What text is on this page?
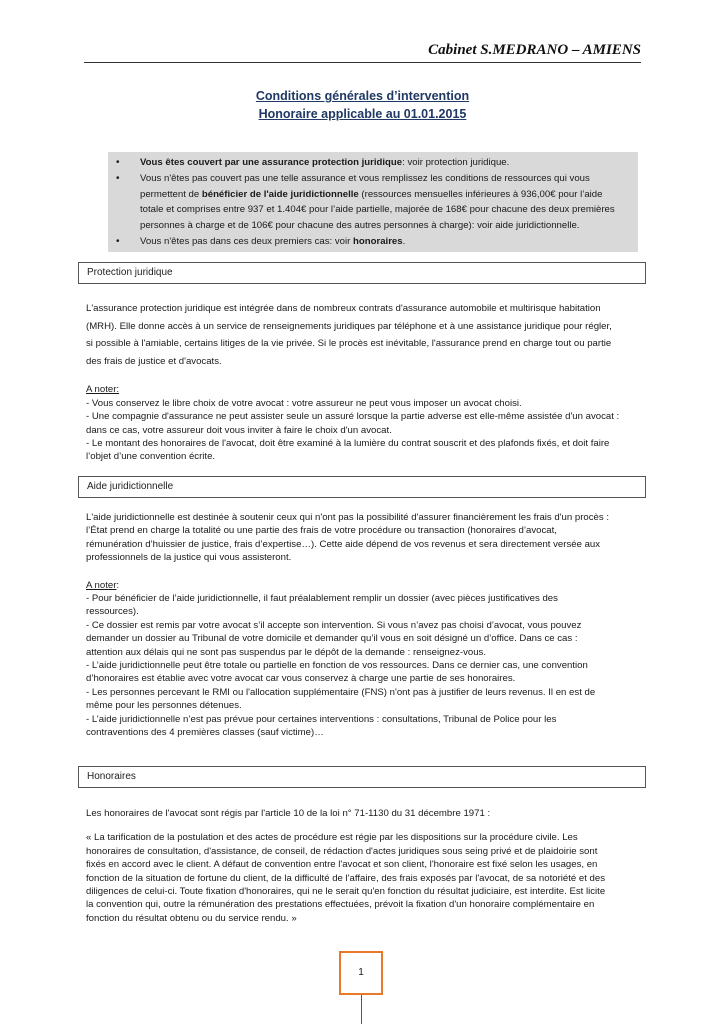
Cabinet S.MEDRANO – AMIENS
Conditions générales d’intervention
Honoraire applicable au 01.01.2015
• Vous êtes couvert par une assurance protection juridique: voir protection juridique.
• Vous n'êtes pas couvert pas une telle assurance et vous remplissez les conditions de ressources qui vous
permettent de bénéficier de l'aide juridictionnelle (ressources mensuelles inférieures à 936,00€ pour l’aide
totale et comprises entre 937 et 1.404€ pour l’aide partielle, majorée de 168€ pour chacune des deux premières
personnes à charge et de 106€ pour chacune des autres personnes à charge): voir aide juridictionnelle.
• Vous n'êtes pas dans ces deux premiers cas: voir honoraires.
Protection juridique
L'assurance protection juridique est intégrée dans de nombreux contrats d'assurance automobile et multirisque habitation
(MRH). Elle donne accès à un service de renseignements juridiques par téléphone et à une assistance juridique pour régler,
si possible à l'amiable, certains litiges de la vie privée. Si le procès est inévitable, l'assurance prend en charge tout ou partie
des frais de justice et d'avocats.
A noter:
- Vous conservez le libre choix de votre avocat : votre assureur ne peut vous imposer un avocat choisi.
- Une compagnie d'assurance ne peut assister seule un assuré lorsque la partie adverse est elle-même assistée d'un avocat :
dans ce cas, votre assureur doit vous inviter à faire le choix d'un avocat.
- Le montant des honoraires de l'avocat, doit être examiné à la lumière du contrat souscrit et des plafonds fixés, et doit faire
l’objet d’une convention écrite.
Aide juridictionnelle
L'aide juridictionnelle est destinée à soutenir ceux qui n'ont pas la possibilité d'assurer financièrement les frais d'un procès :
l’État prend en charge la totalité ou une partie des frais de votre procédure ou transaction (honoraires d’avocat,
rémunération d’huissier de justice, frais d’expertise…). Cette aide dépend de vos revenus et sera directement versée aux
professionnels de la justice qui vous assisteront.
A noter:
- Pour bénéficier de l’aide juridictionnelle, il faut préalablement remplir un dossier (avec pièces justificatives des
ressources).
- Ce dossier est remis par votre avocat s’il accepte son intervention. Si vous n’avez pas choisi d’avocat, vous pouvez
demander un dossier au Tribunal de votre domicile et demander qu’il vous en soit désigné un d’office. Dans ce cas :
attention aux délais qui ne sont pas suspendus par le dépôt de la demande : renseignez-vous.
- L’aide juridictionnelle peut être totale ou partielle en fonction de vos ressources. Dans ce dernier cas, une convention
d’honoraires est établie avec votre avocat car vous conservez à charge une partie de ses honoraires.
- Les personnes percevant le RMI ou l'allocation supplémentaire (FNS) n'ont pas à justifier de leurs revenus. Il en est de
même pour les personnes détenues.
- L’aide juridictionnelle n’est pas prévue pour certaines interventions : consultations, Tribunal de Police pour les
contraventions des 4 premières classes (sauf victime)…
Honoraires
Les honoraires de l'avocat sont régis par l'article 10 de la loi n° 71-1130 du 31 décembre 1971 :
« La tarification de la postulation et des actes de procédure est régie par les dispositions sur la procédure civile. Les
honoraires de consultation, d'assistance, de conseil, de rédaction d'actes juridiques sous seing privé et de plaidoirie sont
fixés en accord avec le client. A défaut de convention entre l'avocat et son client, l'honoraire est fixé selon les usages, en
fonction de la situation de fortune du client, de la difficulté de l'affaire, des frais exposés par l'avocat, de sa notoriété et des
diligences de celui-ci. Toute fixation d'honoraires, qui ne le serait qu'en fonction du résultat judiciaire, est interdite. Est licite
la convention qui, outre la rémunération des prestations effectuées, prévoit la fixation d'un honoraire complémentaire en
fonction du résultat obtenu ou du service rendu. »
1
